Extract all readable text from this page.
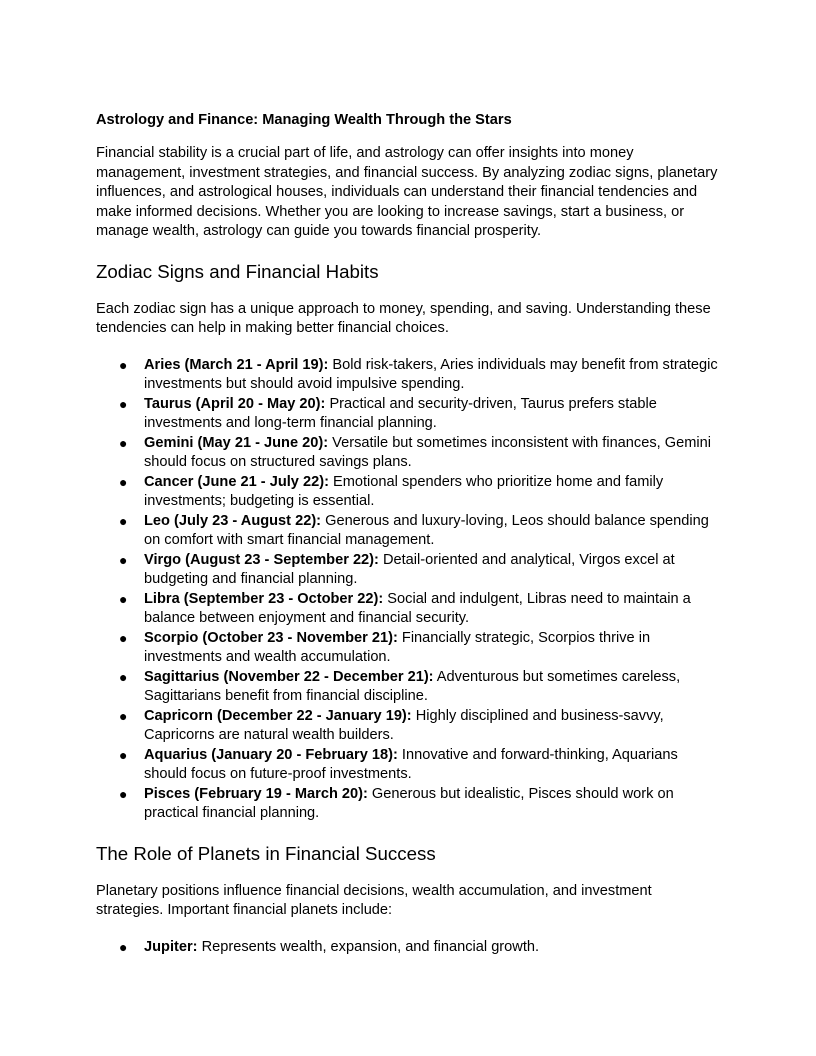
Astrology and Finance: Managing Wealth Through the Stars

Financial stability is a crucial part of life, and astrology can offer insights into money management, investment strategies, and financial success. By analyzing zodiac signs, planetary influences, and astrological houses, individuals can understand their financial tendencies and make informed decisions. Whether you are looking to increase savings, start a business, or manage wealth, astrology can guide you towards financial prosperity.

Zodiac Signs and Financial Habits

Each zodiac sign has a unique approach to money, spending, and saving. Understanding these tendencies can help in making better financial choices.

● Aries (March 21 - April 19): Bold risk-takers, Aries individuals may benefit from strategic investments but should avoid impulsive spending.
● Taurus (April 20 - May 20): Practical and security-driven, Taurus prefers stable investments and long-term financial planning.
● Gemini (May 21 - June 20): Versatile but sometimes inconsistent with finances, Gemini should focus on structured savings plans.
● Cancer (June 21 - July 22): Emotional spenders who prioritize home and family investments; budgeting is essential.
● Leo (July 23 - August 22): Generous and luxury-loving, Leos should balance spending on comfort with smart financial management.
● Virgo (August 23 - September 22): Detail-oriented and analytical, Virgos excel at budgeting and financial planning.
● Libra (September 23 - October 22): Social and indulgent, Libras need to maintain a balance between enjoyment and financial security.
● Scorpio (October 23 - November 21): Financially strategic, Scorpios thrive in investments and wealth accumulation.
● Sagittarius (November 22 - December 21): Adventurous but sometimes careless, Sagittarians benefit from financial discipline.
● Capricorn (December 22 - January 19): Highly disciplined and business-savvy, Capricorns are natural wealth builders.
● Aquarius (January 20 - February 18): Innovative and forward-thinking, Aquarians should focus on future-proof investments.
● Pisces (February 19 - March 20): Generous but idealistic, Pisces should work on practical financial planning.
The Role of Planets in Financial Success

Planetary positions influence financial decisions, wealth accumulation, and investment strategies. Important financial planets include:

● Jupiter: Represents wealth, expansion, and financial growth.
